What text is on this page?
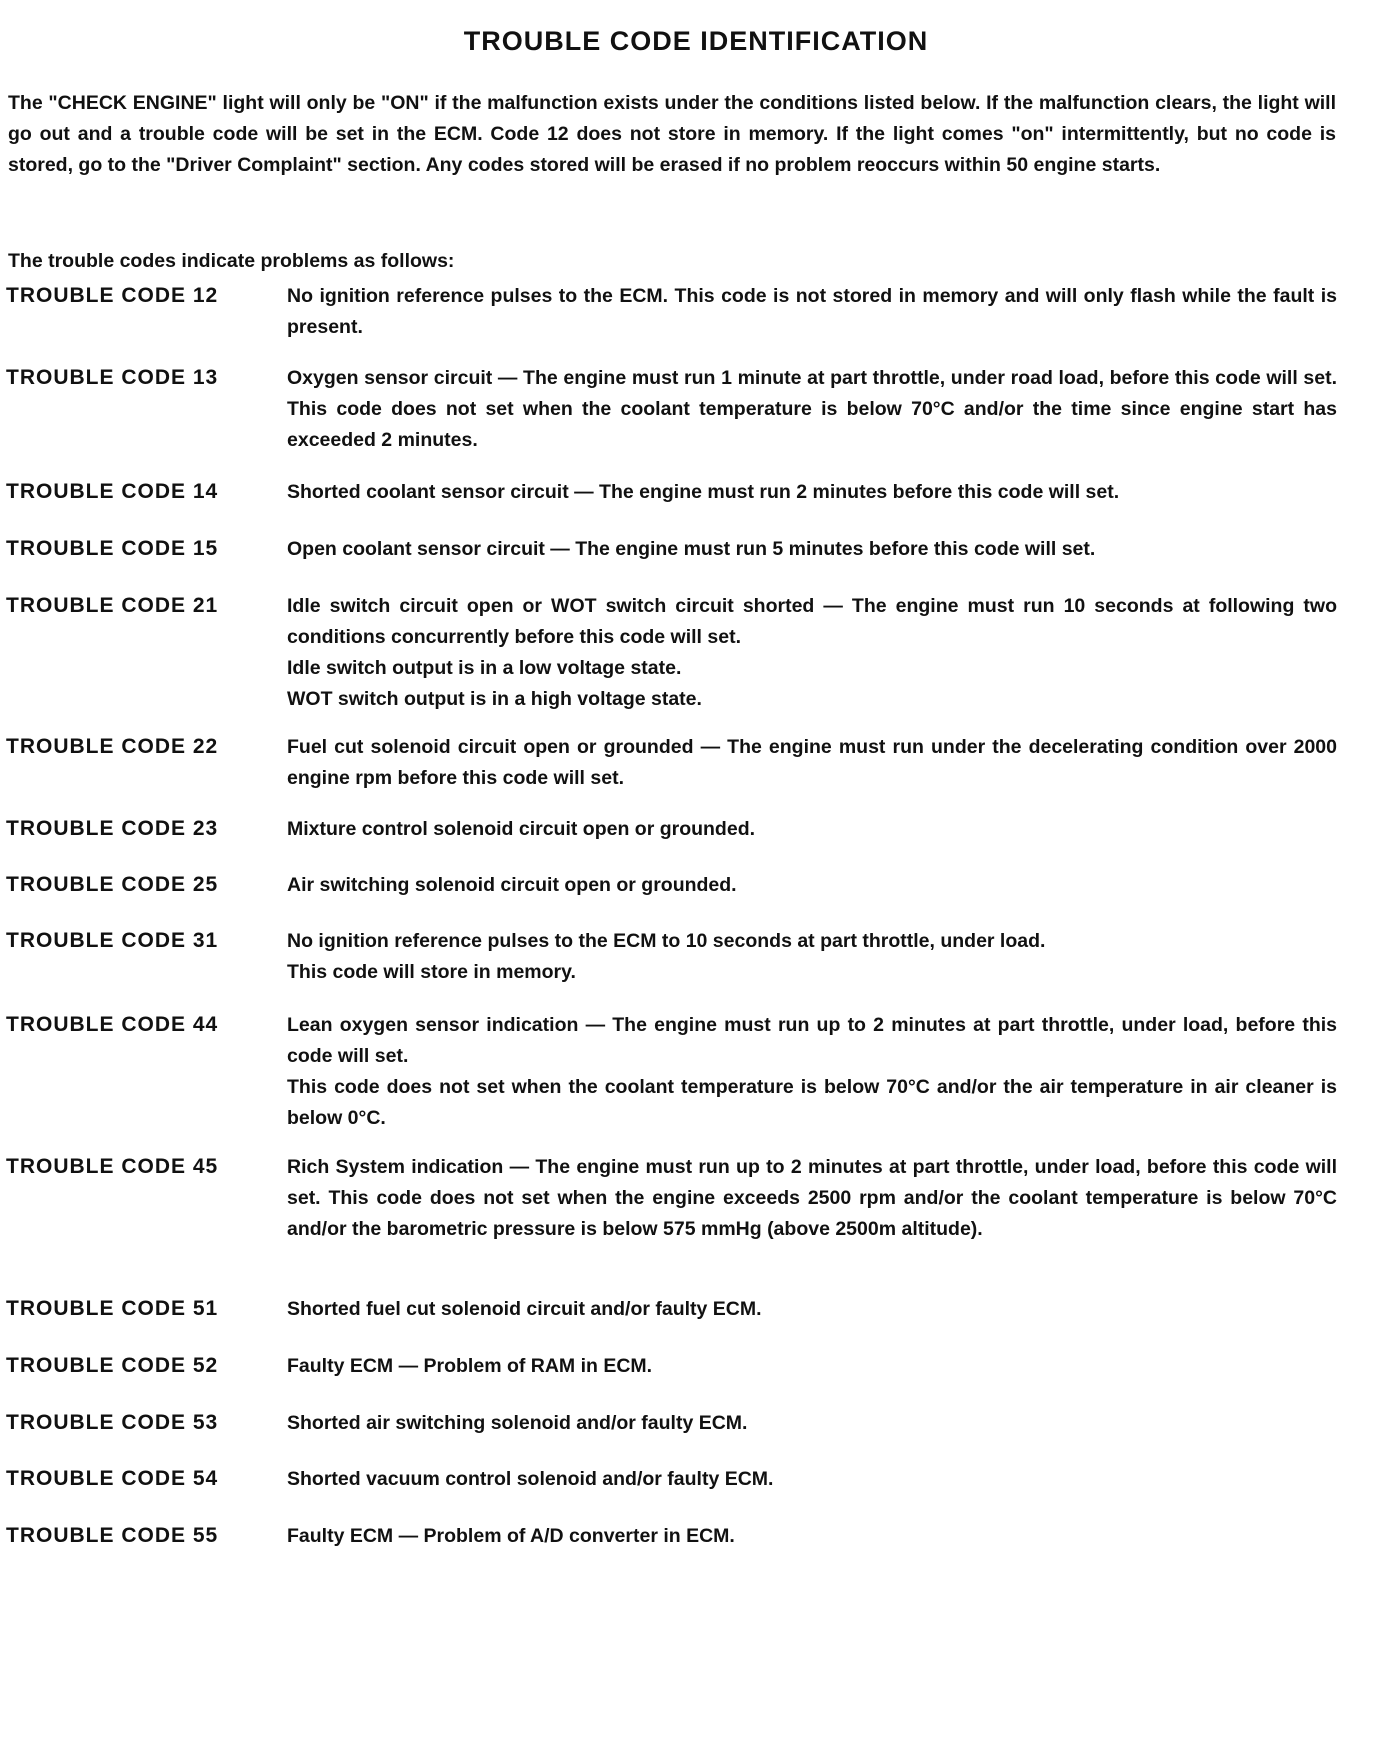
TROUBLE CODE IDENTIFICATION
The "CHECK ENGINE" light will only be "ON" if the malfunction exists under the conditions listed below. If the malfunction clears, the light will go out and a trouble code will be set in the ECM. Code 12 does not store in memory. If the light comes "on" intermittently, but no code is stored, go to the "Driver Complaint" section. Any codes stored will be erased if no problem reoccurs within 50 engine starts.
The trouble codes indicate problems as follows:
TROUBLE CODE 12	No ignition reference pulses to the ECM. This code is not stored in memory and will only flash while the fault is present.

TROUBLE CODE 13	Oxygen sensor circuit — The engine must run 1 minute at part throttle, under road load, before this code will set. This code does not set when the coolant temperature is below 70°C and/or the time since engine start has exceeded 2 minutes.

TROUBLE CODE 14	Shorted coolant sensor circuit — The engine must run 2 minutes before this code will set.

TROUBLE CODE 15	Open coolant sensor circuit — The engine must run 5 minutes before this code will set.

TROUBLE CODE 21	Idle switch circuit open or WOT switch circuit shorted — The engine must run 10 seconds at following two conditions concurrently before this code will set.

Idle switch output is in a low voltage state.

WOT switch output is in a high voltage state.

TROUBLE CODE 22	Fuel cut solenoid circuit open or grounded — The engine must run under the decelerating condition over 2000 engine rpm before this code will set.

TROUBLE CODE 23	Mixture control solenoid circuit open or grounded.

TROUBLE CODE 25	Air switching solenoid circuit open or grounded.

TROUBLE CODE 31	No ignition reference pulses to the ECM to 10 seconds at part throttle, under load.

This code will store in memory.

TROUBLE CODE 44	Lean oxygen sensor indication — The engine must run up to 2 minutes at part throttle, under load, before this code will set.

This code does not set when the coolant temperature is below 70°C and/or the air temperature in air cleaner is below 0°C.

TROUBLE CODE 45	Rich System indication — The engine must run up to 2 minutes at part throttle, under load, before this code will set. This code does not set when the engine exceeds 2500 rpm and/or the coolant temperature is below 70°C and/or the barometric pressure is below 575 mmHg (above 2500m altitude).

TROUBLE CODE 51	Shorted fuel cut solenoid circuit and/or faulty ECM.

TROUBLE CODE 52	Faulty ECM — Problem of RAM in ECM.

TROUBLE CODE 53	Shorted air switching solenoid and/or faulty ECM.

TROUBLE CODE 54	Shorted vacuum control solenoid and/or faulty ECM.

TROUBLE CODE 55	Faulty ECM — Problem of A/D converter in ECM.
